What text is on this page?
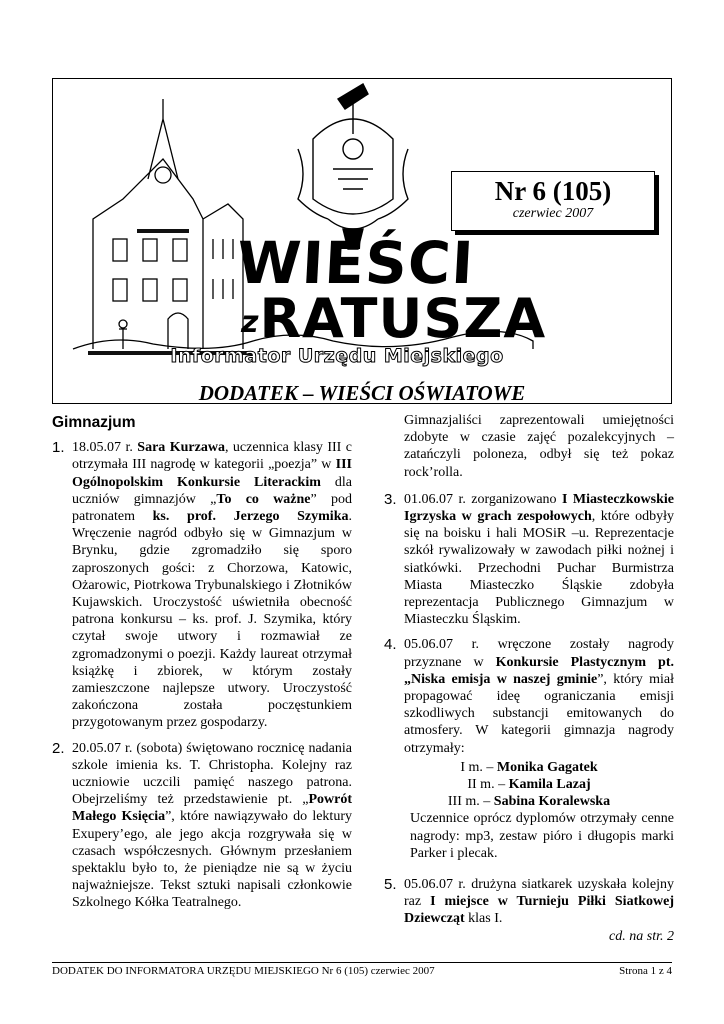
Nr 6 (105)
czerwiec 2007
WIEŚCI
zRATUSZA
Informator Urzędu Miejskiego
DODATEK – WIEŚCI OŚWIATOWE
Gimnazjum
1. 18.05.07 r. Sara Kurzawa, uczennica klasy III c otrzymała III nagrodę w kategorii „poezja” w III Ogólnopolskim Konkursie Literackim dla uczniów gimnazjów „To co ważne” pod patronatem ks. prof. Jerzego Szymika. Wręczenie nagród odbyło się w Gimnazjum w Brynku, gdzie zgromadziło się sporo zaproszonych gości: z Chorzowa, Katowic, Ożarowic, Piotrkowa Trybunalskiego i Złotników Kujawskich. Uroczystość uświetniła obecność patrona konkursu – ks. prof. J. Szymika, który czytał swoje utwory i rozmawiał ze zgromadzonymi o poezji. Każdy laureat otrzymał książkę i zbiorek, w którym zostały zamieszczone najlepsze utwory. Uroczystość zakończona została poczęstunkiem przygotowanym przez gospodarzy.
2. 20.05.07 r. (sobota) świętowano rocznicę nadania szkole imienia ks. T. Christopha. Kolejny raz uczniowie uczcili pamięć naszego patrona. Obejrzeliśmy też przedstawienie pt. „Powrót Małego Księcia”, które nawiązywało do lektury Exupery’ego, ale jego akcja rozgrywała się w czasach współczesnych. Głównym przesłaniem spektaklu było to, że pieniądze nie są w życiu najważniejsze. Tekst sztuki napisali członkowie Szkolnego Kółka Teatralnego.
Gimnazjaliści zaprezentowali umiejętności zdobyte w czasie zajęć pozalekcyjnych – zatańczyli poloneza, odbył się też pokaz rock’rolla.
3. 01.06.07 r. zorganizowano I Miasteczkowskie Igrzyska w grach zespołowych, które odbyły się na boisku i hali MOSiR –u. Reprezentacje szkół rywalizowały w zawodach piłki nożnej i siatkówki. Przechodni Puchar Burmistrza Miasta Miasteczko Śląskie zdobyła reprezentacja Publicznego Gimnazjum w Miasteczku Śląskim.
4. 05.06.07 r. wręczone zostały nagrody przyznane w Konkursie Plastycznym pt. „Niska emisja w naszej gminie”, który miał propagować ideę ograniczania emisji szkodliwych substancji emitowanych do atmosfery. W kategorii gimnazja nagrody otrzymały:
I m. – Monika Gagatek
II m. – Kamila Lazaj
III m. – Sabina Koralewska
Uczennice oprócz dyplomów otrzymały cenne nagrody: mp3, zestaw pióro i długopis marki Parker i plecak.
5. 05.06.07 r. drużyna siatkarek uzyskała kolejny raz I miejsce w Turnieju Piłki Siatkowej Dziewcząt klas I.
cd. na str. 2
DODATEK DO INFORMATORA URZĘDU MIEJSKIEGO Nr 6 (105) czerwiec 2007	Strona 1 z 4
